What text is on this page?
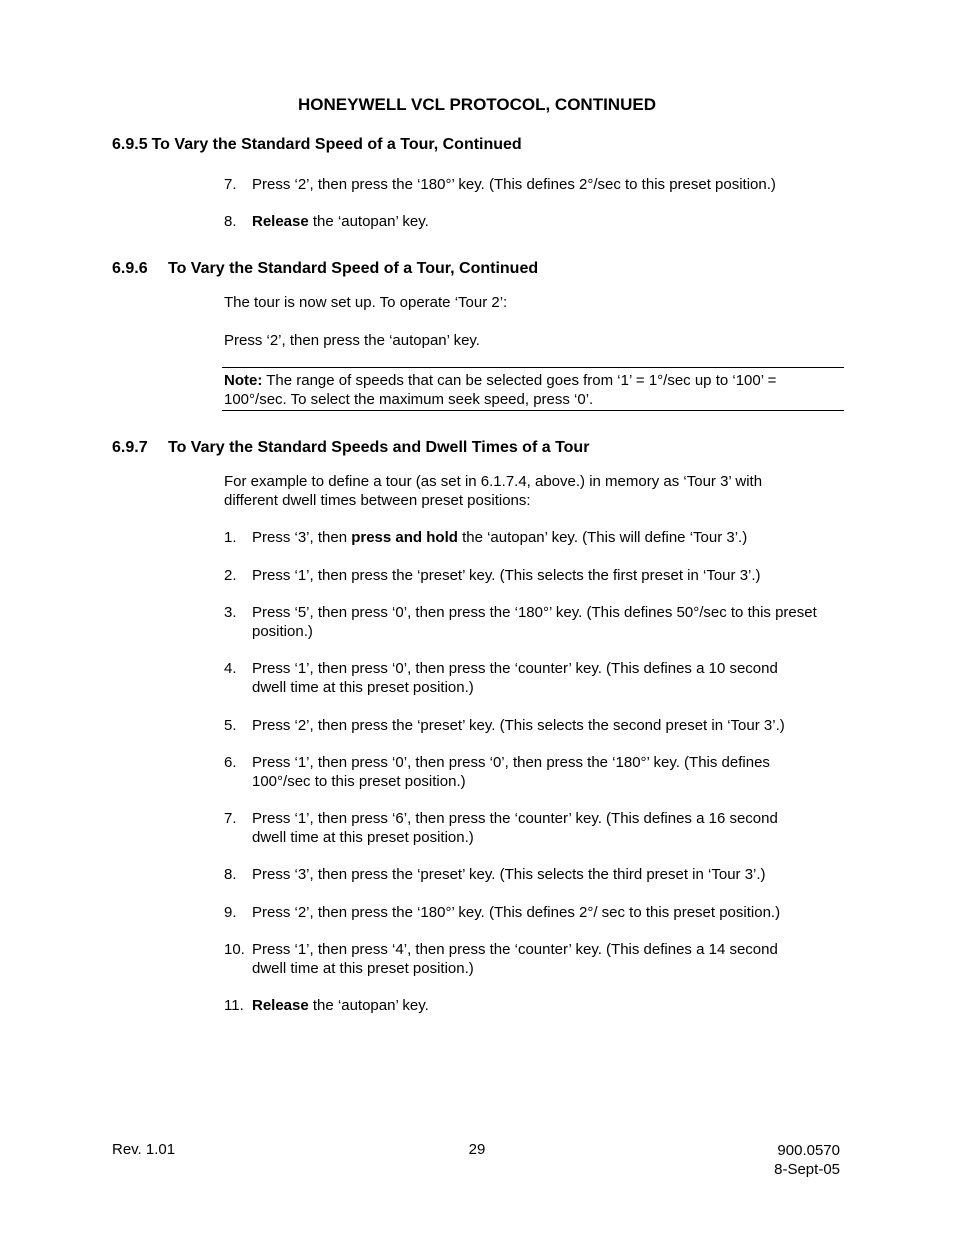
HONEYWELL VCL PROTOCOL, CONTINUED
6.9.5 To Vary the Standard Speed of a Tour, Continued
7.	Press ‘2’, then press the ‘180°’ key. (This defines 2°/sec to this preset position.)
8.	Release the ‘autopan’ key.
6.9.6 To Vary the Standard Speed of a Tour, Continued
The tour is now set up. To operate ‘Tour 2’:
Press ‘2’, then press the ‘autopan’ key.
Note: The range of speeds that can be selected goes from ‘1’ = 1°/sec up to ‘100’ =
100°/sec. To select the maximum seek speed, press ‘0’.
6.9.7 To Vary the Standard Speeds and Dwell Times of a Tour
For example to define a tour (as set in 6.1.7.4, above.) in memory as ‘Tour 3’ with
different dwell times between preset positions:
1.	Press ‘3’, then press and hold the ‘autopan’ key. (This will define ‘Tour 3’.)
2.	Press ‘1’, then press the ‘preset’ key. (This selects the first preset in ‘Tour 3’.)
3.	Press ‘5’, then press ‘0’, then press the ‘180°’ key. (This defines 50°/sec to this preset
position.)
4.	Press ‘1’, then press ‘0’, then press the ‘counter’ key. (This defines a 10 second
dwell time at this preset position.)
5.	Press ‘2’, then press the ‘preset’ key. (This selects the second preset in ‘Tour 3’.)
6.	Press ‘1’, then press ‘0’, then press ‘0’, then press the ‘180°’ key. (This defines
100°/sec to this preset position.)
7.	Press ‘1’, then press ‘6’, then press the ‘counter’ key. (This defines a 16 second
dwell time at this preset position.)
8.	Press ‘3’, then press the ‘preset’ key. (This selects the third preset in ‘Tour 3’.)
9.	Press ‘2’, then press the ‘180°’ key. (This defines 2°/ sec to this preset position.)
10. Press ‘1’, then press ‘4’, then press the ‘counter’ key. (This defines a 14 second
dwell time at this preset position.)
11. Release the ‘autopan’ key.
Rev. 1.01	29	900.0570
8-Sept-05
